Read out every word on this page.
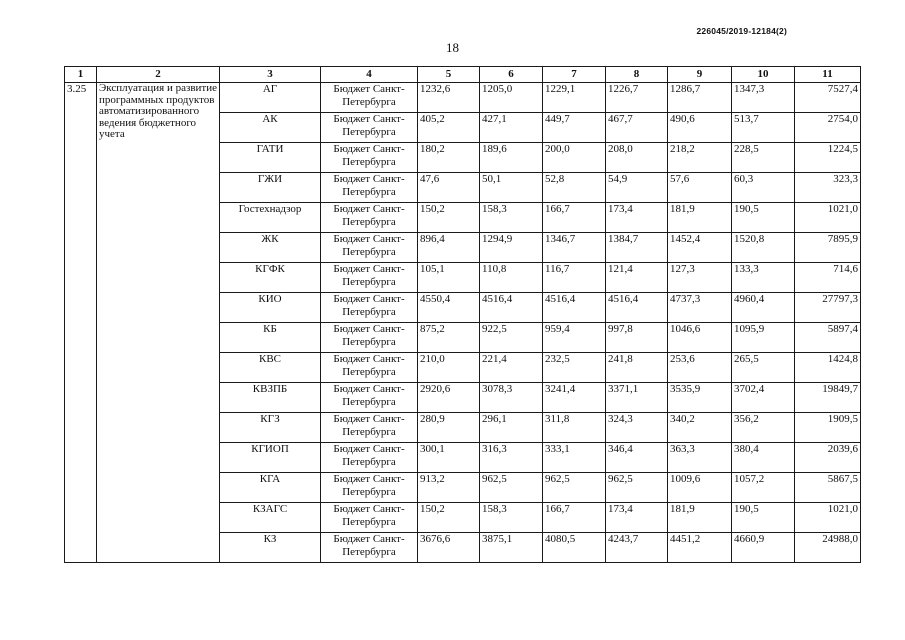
226045/2019-12184(2)
18
1	2	3	4	5	6	7	8	9	10	11
3.25	Эксплуатация и развитие программных продуктов автоматизированного ведения бюджетного учета	АГ	Бюджет Санкт-Петербурга	1232,6	1205,0	1229,1	1226,7	1286,7	1347,3	7527,4
		АК	Бюджет Санкт-Петербурга	405,2	427,1	449,7	467,7	490,6	513,7	2754,0
		ГАТИ	Бюджет Санкт-Петербурга	180,2	189,6	200,0	208,0	218,2	228,5	1224,5
		ГЖИ	Бюджет Санкт-Петербурга	47,6	50,1	52,8	54,9	57,6	60,3	323,3
		Гостехнадзор	Бюджет Санкт-Петербурга	150,2	158,3	166,7	173,4	181,9	190,5	1021,0
		ЖК	Бюджет Санкт-Петербурга	896,4	1294,9	1346,7	1384,7	1452,4	1520,8	7895,9
		КГФК	Бюджет Санкт-Петербурга	105,1	110,8	116,7	121,4	127,3	133,3	714,6
		КИО	Бюджет Санкт-Петербурга	4550,4	4516,4	4516,4	4516,4	4737,3	4960,4	27797,3
		КБ	Бюджет Санкт-Петербурга	875,2	922,5	959,4	997,8	1046,6	1095,9	5897,4
		КВС	Бюджет Санкт-Петербурга	210,0	221,4	232,5	241,8	253,6	265,5	1424,8
		КВЗПБ	Бюджет Санкт-Петербурга	2920,6	3078,3	3241,4	3371,1	3535,9	3702,4	19849,7
		КГЗ	Бюджет Санкт-Петербурга	280,9	296,1	311,8	324,3	340,2	356,2	1909,5
		КГИОП	Бюджет Санкт-Петербурга	300,1	316,3	333,1	346,4	363,3	380,4	2039,6
		КГА	Бюджет Санкт-Петербурга	913,2	962,5	962,5	962,5	1009,6	1057,2	5867,5
		КЗАГС	Бюджет Санкт-Петербурга	150,2	158,3	166,7	173,4	181,9	190,5	1021,0
		КЗ	Бюджет Санкт-Петербурга	3676,6	3875,1	4080,5	4243,7	4451,2	4660,9	24988,0
